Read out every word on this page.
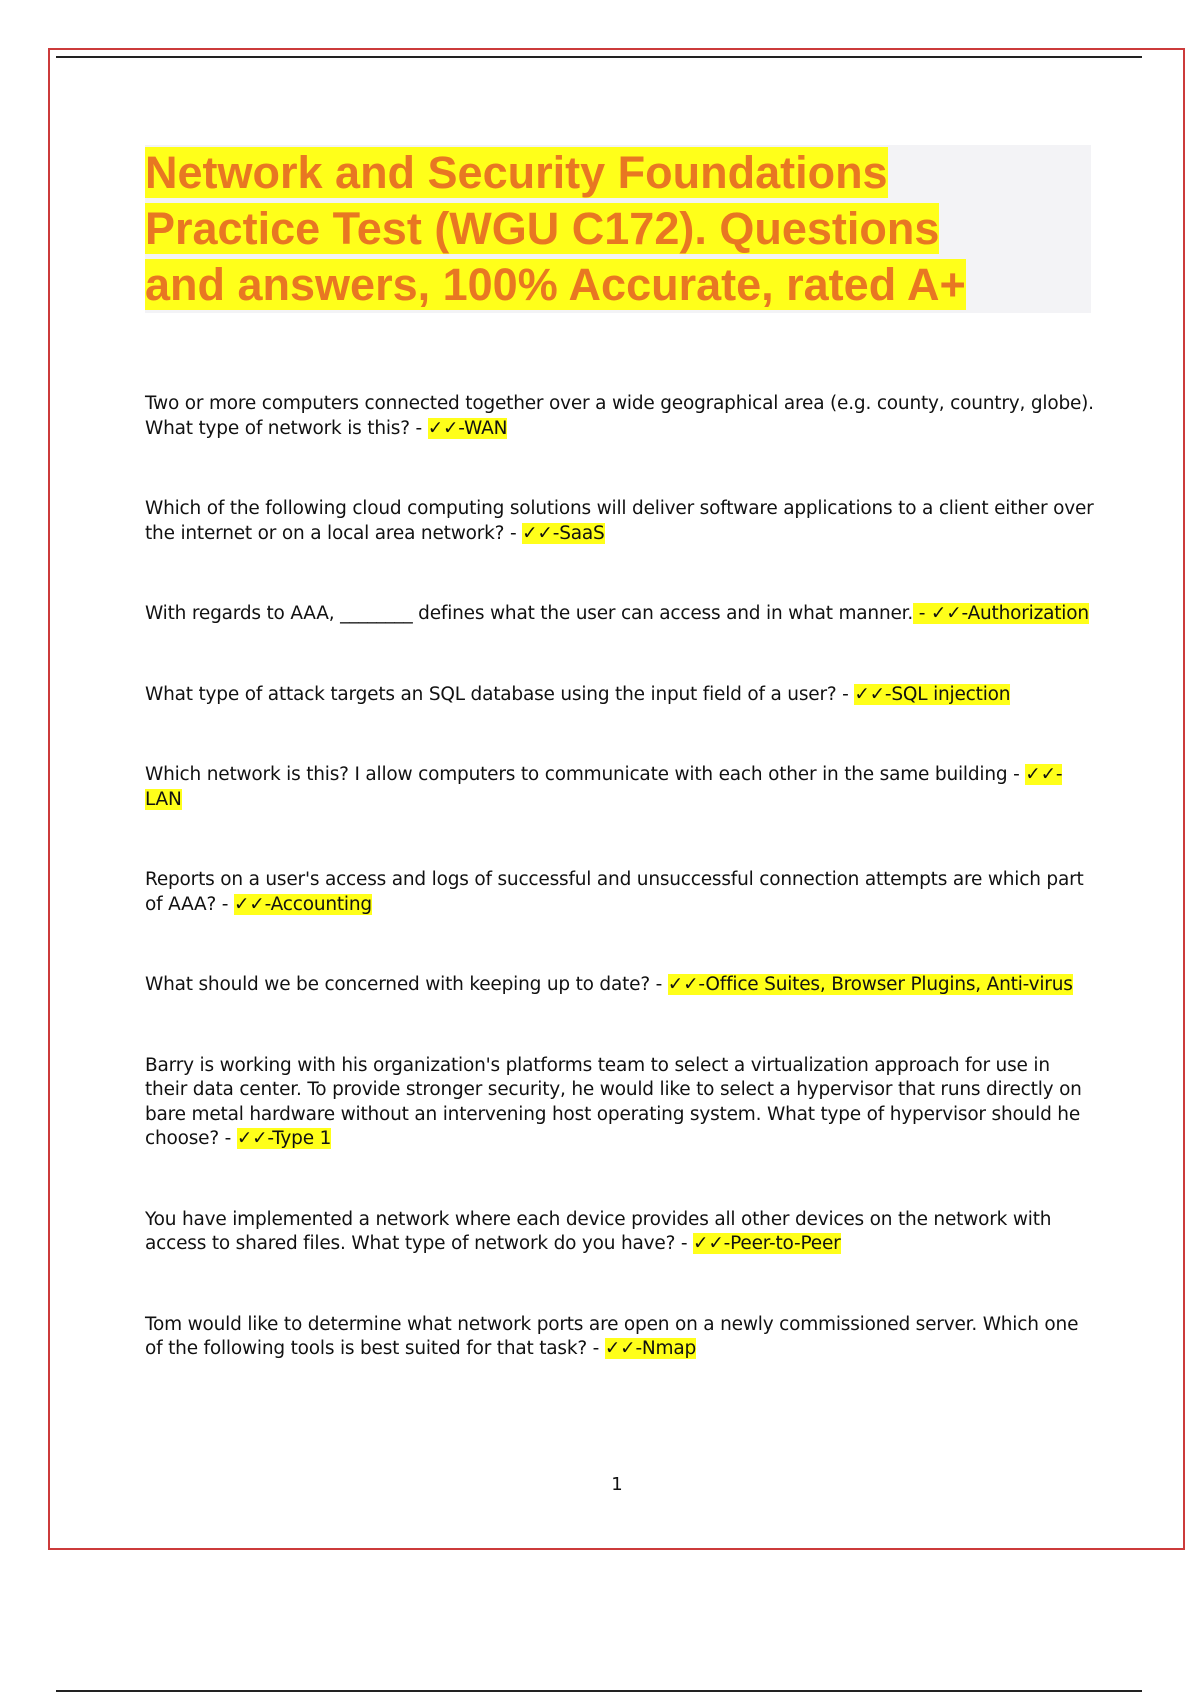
Network and Security Foundations
Practice Test (WGU C172). Questions
and answers, 100% Accurate, rated A+
Two or more computers connected together over a wide geographical area (e.g. county, country, globe). What type of network is this? - ✓✓-WAN
Which of the following cloud computing solutions will deliver software applications to a client either over the internet or on a local area network? - ✓✓-SaaS
With regards to AAA, ________ defines what the user can access and in what manner. - ✓✓-Authorization
What type of attack targets an SQL database using the input field of a user? - ✓✓-SQL injection
Which network is this? I allow computers to communicate with each other in the same building - ✓✓-LAN
Reports on a user's access and logs of successful and unsuccessful connection attempts are which part of AAA? - ✓✓-Accounting
What should we be concerned with keeping up to date? - ✓✓-Office Suites, Browser Plugins, Anti-virus
Barry is working with his organization's platforms team to select a virtualization approach for use in their data center. To provide stronger security, he would like to select a hypervisor that runs directly on bare metal hardware without an intervening host operating system. What type of hypervisor should he choose? - ✓✓-Type 1
You have implemented a network where each device provides all other devices on the network with access to shared files. What type of network do you have? - ✓✓-Peer-to-Peer
Tom would like to determine what network ports are open on a newly commissioned server. Which one of the following tools is best suited for that task? - ✓✓-Nmap
1
